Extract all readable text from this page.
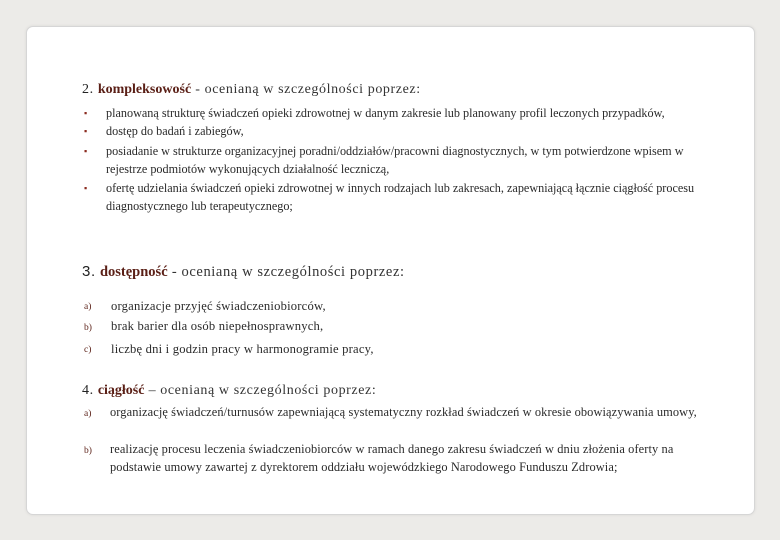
2. kompleksowość - ocenianą w szczególności poprzez:
▪ planowaną strukturę świadczeń opieki zdrowotnej w danym zakresie lub planowany profil leczonych przypadków,
▪ dostęp do badań i zabiegów,
▪ posiadanie w strukturze organizacyjnej poradni/oddziałów/pracowni diagnostycznych, w tym potwierdzone wpisem w rejestrze podmiotów wykonujących działalność leczniczą,
▪ ofertę udzielania świadczeń opieki zdrowotnej w innych rodzajach lub zakresach, zapewniającą łącznie ciągłość procesu diagnostycznego lub terapeutycznego;
3. dostępność - ocenianą w szczególności poprzez:
a) organizacje przyjęć świadczeniobiorców,
b) brak barier dla osób niepełnosprawnych,
c) liczbę dni i godzin pracy w harmonogramie pracy,
4. ciągłość – ocenianą w szczególności poprzez:
a) organizację świadczeń/turnusów zapewniającą systematyczny rozkład świadczeń w okresie obowiązywania umowy,
b) realizację procesu leczenia świadczeniobiorców w ramach danego zakresu świadczeń w dniu złożenia oferty na podstawie umowy zawartej z dyrektorem oddziału wojewódzkiego Narodowego Funduszu Zdrowia;
